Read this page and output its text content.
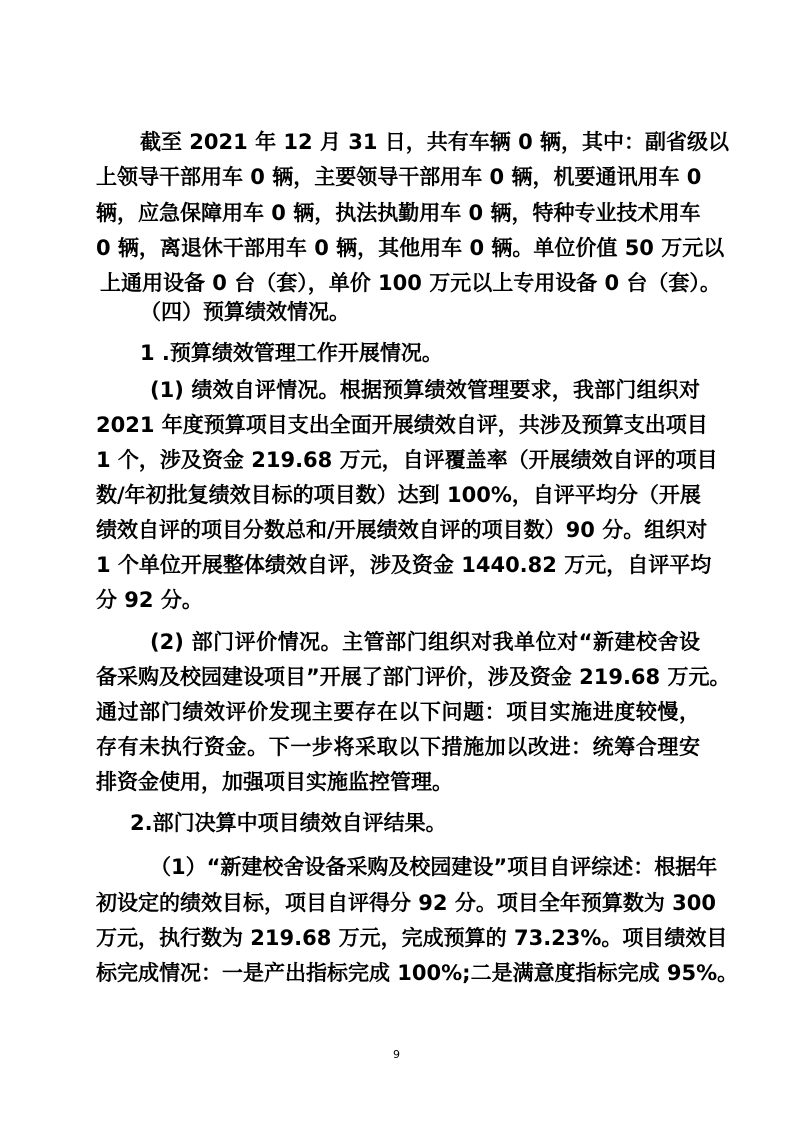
截至 2021 年 12 月 31 日，共有车辆 0 辆，其中：副省级以
上领导干部用车 0 辆，主要领导干部用车 0 辆，机要通讯用车 0
辆，应急保障用车 0 辆，执法执勤用车 0 辆，特种专业技术用车
0 辆，离退休干部用车 0 辆，其他用车 0 辆。单位价值 50 万元以
上通用设备 0 台（套），单价 100 万元以上专用设备 0 台（套）。
（四）预算绩效情况。
1 .预算绩效管理工作开展情况。
(1) 绩效自评情况。根据预算绩效管理要求，我部门组织对
2021 年度预算项目支出全面开展绩效自评，共涉及预算支出项目
1 个，涉及资金 219.68 万元，自评覆盖率（开展绩效自评的项目
数/年初批复绩效目标的项目数）达到 100%，自评平均分（开展
绩效自评的项目分数总和/开展绩效自评的项目数）90 分。组织对
1 个单位开展整体绩效自评，涉及资金 1440.82 万元，自评平均
分 92 分。
(2) 部门评价情况。主管部门组织对我单位对“新建校舍设
备采购及校园建设项目”开展了部门评价，涉及资金 219.68 万元。
通过部门绩效评价发现主要存在以下问题：项目实施进度较慢，
存有未执行资金。下一步将采取以下措施加以改进：统筹合理安
排资金使用，加强项目实施监控管理。
2.部门决算中项目绩效自评结果。
（1）“新建校舍设备采购及校园建设”项目自评综述：根据年
初设定的绩效目标，项目自评得分 92 分。项目全年预算数为 300
万元，执行数为 219.68 万元，完成预算的 73.23%。项目绩效目
标完成情况：一是产出指标完成 100%;二是满意度指标完成 95%。
9
